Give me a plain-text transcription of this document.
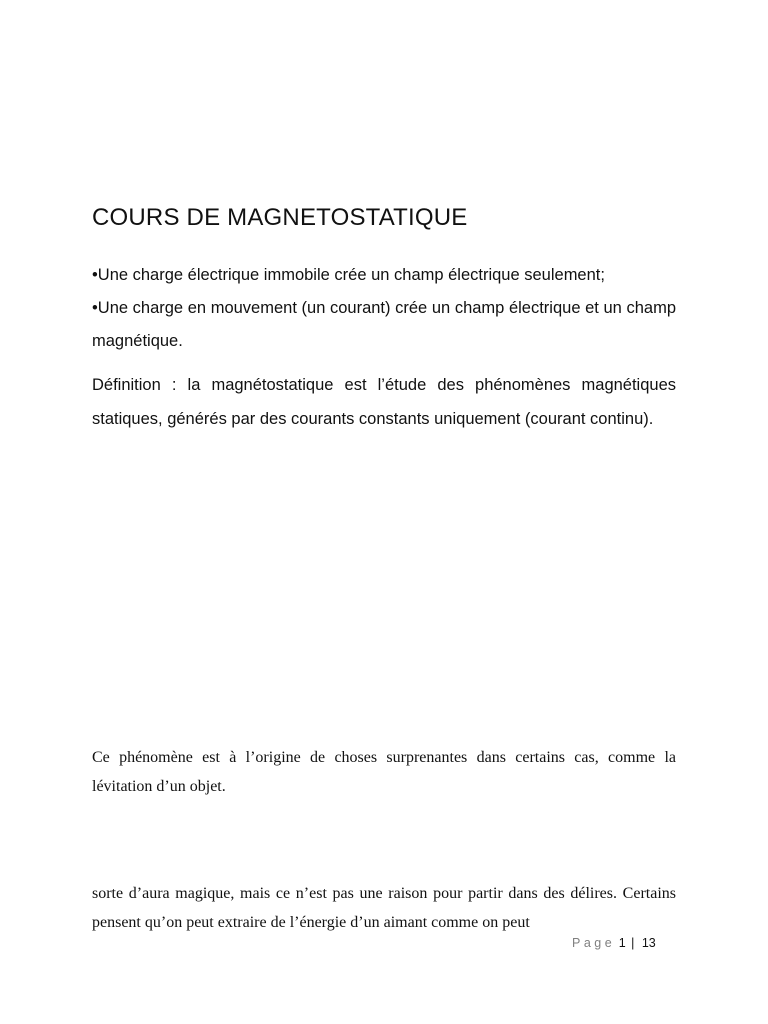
COURS DE MAGNETOSTATIQUE
•Une charge électrique immobile crée un champ électrique seulement;
•Une charge en mouvement (un courant) crée un champ électrique et un champ magnétique.

Définition : la magnétostatique est l’étude des phénomènes magnétiques statiques, générés par des courants constants uniquement (courant continu).

Ce phénomène est à l’origine de choses surprenantes dans certains cas, comme la lévitation d’un objet.

sorte d’aura magique, mais ce n’est pas une raison pour partir dans des délires. Certains pensent qu’on peut extraire de l’énergie d’un aimant comme on peut

Page 1 | 13
